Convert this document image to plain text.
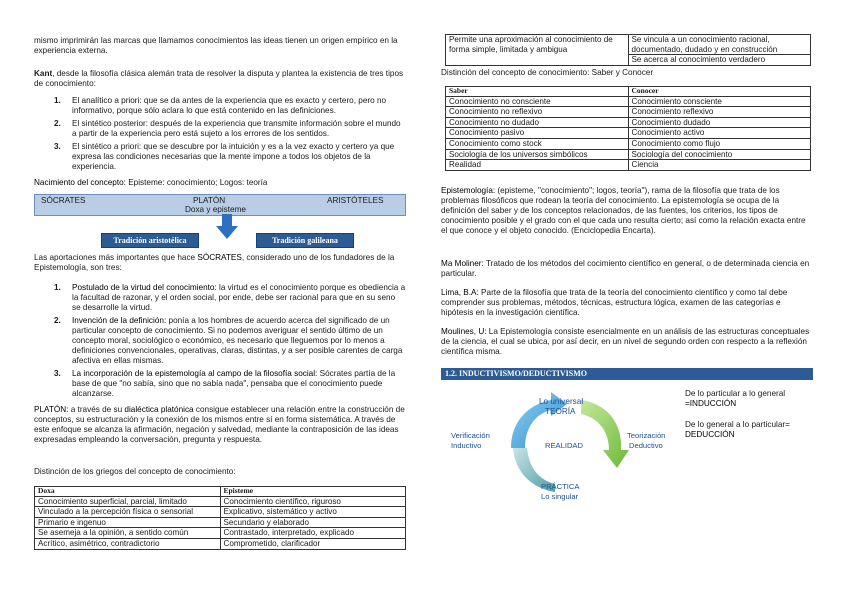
mismo imprimirán las marcas que llamamos conocimientos las ideas tienen un origen empírico en la experiencia externa.

Kant, desde la filosofía clásica alemán trata de resolver la disputa y plantea la existencia de tres tipos de conocimiento:

1. El analítico a priori: que se da antes de la experiencia que es exacto y certero, pero no informativo, porque sólo aclara lo que está contenido en las definiciones.
2. El sintético posterior: después de la experiencia que transmite información sobre el mundo a partir de la experiencia pero está sujeto a los errores de los sentidos.
3. El sintético a priori: que se descubre por la intuición y es a la vez exacto y certero ya que expresa las condiciones necesarias que la mente impone a todos los objetos de la experiencia.

Nacimiento del concepto: Episteme: conocimiento; Logos: teoría

SÓCRATES	PLATÓN	ARISTÓTELES
Doxa y episteme
Tradición aristotélica	Tradición galileana

Las aportaciones más importantes que hace SÓCRATES, considerado uno de los fundadores de la Epistemología, son tres:

1. Postulado de la virtud del conocimiento: la virtud es el conocimiento porque es obediencia a la facultad de razonar, y el orden social, por ende, debe ser racional para que en su seno se desarrolle la virtud.
2. Invención de la definición: ponía a los hombres de acuerdo acerca del significado de un particular concepto de conocimiento. Si no podemos averiguar el sentido último de un concepto moral, sociológico o económico, es necesario que lleguemos por lo menos a definiciones convencionales, operativas, claras, distintas, y a ser posible carentes de carga afectiva en ellas mismas.
3. La incorporación de la epistemología al campo de la filosofía social: Sócrates partía de la base de que "no sabía, sino que no sabía nada", pensaba que el conocimiento puede alcanzarse.

PLATÓN: a través de su dialéctica platónica consigue establecer una relación entre la construcción de conceptos, su estructuración y la conexión de los mismos entre sí en forma sistemática. A través de este enfoque se alcanza la afirmación, negación y salvedad, mediante la contraposición de las ideas expresadas empleando la conversación, pregunta y respuesta.

Distinción de los griegos del concepto de conocimiento:

Doxa	Episteme
Conocimiento superficial, parcial, limitado	Conocimiento científico, riguroso
Vinculado a la percepción física o sensorial	Explicativo, sistemático y activo
Primario e ingenuo	Secundario y elaborado
Se asemeja a la opinión, a sentido común	Contrastado, interpretado, explicado
Acrítico, asimétrico, contradictorio	Comprometido, clarificador
Permite una aproximación al conocimiento de forma simple, limitada y ambigua	Se vincula a un conocimiento racional, documentado, dudado y en construcción
Se acerca al conocimiento verdadero

Distinción del concepto de conocimiento: Saber y Conocer

Saber	Conocer
Conocimiento no consciente	Conocimiento consciente
Conocimiento no reflexivo	Conocimiento reflexivo
Conocimiento no dudado	Conocimiento dudado
Conocimiento pasivo	Conocimiento activo
Conocimiento como stock	Conocimiento como flujo
Sociología de los universos simbólicos	Sociología del conocimiento
Realidad	Ciencia

Epistemología: (episteme, "conocimiento"; logos, teoría"), rama de la filosofía que trata de los problemas filosóficos que rodean la teoría del conocimiento. La epistemología se ocupa de la definición del saber y de los conceptos relacionados, de las fuentes, los criterios, los tipos de conocimiento posible y el grado con el que cada uno resulta cierto; así como la relación exacta entre el que conoce y el objeto conocido. (Enciclopedia Encarta).

Ma Moliner: Tratado de los métodos del cocimiento científico en general, o de determinada ciencia en particular.

Lima, B.A: Parte de la filosofía que trata de la teoría del conocimiento científico y como tal debe comprender sus problemas, métodos, técnicas, estructura lógica, examen de las categorías e hipótesis en la investigación científica.

Moulines, U: La Epistemología consiste esencialmente en un análisis de las estructuras conceptuales de la ciencia, el cual se ubica, por así decir, en un nivel de segundo orden con respecto a la reflexión científica misma.

1.2. INDUCTIVISMO/DEDUCTIVISMO
Lo universal
TEORÍA
Verificación
Inductivo	REALIDAD
Teorización
Deductivo
PRÁCTICA
Lo singular

De lo particular a lo general
=INDUCCIÓN

De lo general a lo particular=
DEDUCCIÓN
